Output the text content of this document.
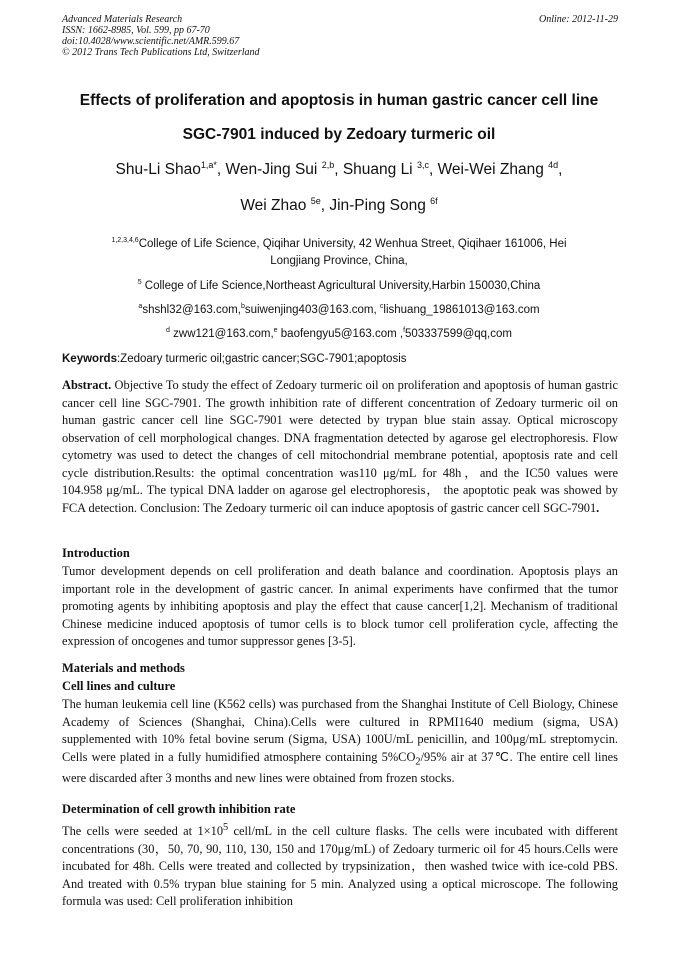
Advanced Materials Research
ISSN: 1662-8985, Vol. 599, pp 67-70
doi:10.4028/www.scientific.net/AMR.599.67
© 2012 Trans Tech Publications Ltd, Switzerland
Online: 2012-11-29
Effects of proliferation and apoptosis in human gastric cancer cell line
SGC-7901 induced by Zedoary turmeric oil
Shu-Li Shao$^{1,a*}$, Wen-Jing Sui $^{2,b}$, Shuang Li $^{3,c}$, Wei-Wei Zhang $^{4d}$,
Wei Zhao $^{5e}$, Jin-Ping Song $^{6f}$
$^{1,2,3,4,6}$College of Life Science, Qiqihar University, 42 Wenhua Street, Qiqihaer 161006, Hei
Longjiang Province, China,
$^5$ College of Life Science,Northeast Agricultural University,Harbin 150030,China
$^a$shshl32@163.com,$^b$suiwenjing403@163.com, $^c$lishuang_19861013@163.com
$^d$ zww121@163.com,$^e$ baofengyu5@163.com ,$^f$503337599@qq,com
Keywords:Zedoary turmeric oil;gastric cancer;SGC-7901;apoptosis
Abstract. Objective To study the effect of Zedoary turmeric oil on proliferation and apoptosis of human gastric cancer cell line SGC-7901. The growth inhibition rate of different concentration of Zedoary turmeric oil on human gastric cancer cell line SGC-7901 were detected by trypan blue stain assay. Optical microscopy observation of cell morphological changes. DNA fragmentation detected by agarose gel electrophoresis. Flow cytometry was used to detect the changes of cell mitochondrial membrane potential, apoptosis rate and cell cycle distribution.Results: the optimal concentration was110 μg/mL for 48h，and the IC50 values were 104.958 μg/mL. The typical DNA ladder on agarose gel electrophoresis， the apoptotic peak was showed by FCA detection. Conclusion: The Zedoary turmeric oil can induce apoptosis of gastric cancer cell SGC-7901.
Introduction
Tumor development depends on cell proliferation and death balance and coordination. Apoptosis plays an important role in the development of gastric cancer. In animal experiments have confirmed that the tumor promoting agents by inhibiting apoptosis and play the effect that cause cancer[1,2]. Mechanism of traditional Chinese medicine induced apoptosis of tumor cells is to block tumor cell proliferation cycle, affecting the expression of oncogenes and tumor suppressor genes [3-5].
Materials and methods
Cell lines and culture
The human leukemia cell line (K562 cells) was purchased from the Shanghai Institute of Cell Biology, Chinese Academy of Sciences (Shanghai, China).Cells were cultured in RPMI1640 medium (sigma, USA) supplemented with 10% fetal bovine serum (Sigma, USA) 100U/mL penicillin, and 100μg/mL streptomycin. Cells were plated in a fully humidified atmosphere containing $5\%CO_2/95\%$ air at 37℃. The entire cell lines were discarded after 3 months and new lines were obtained from frozen stocks.
Determination of cell growth inhibition rate
The cells were seeded at $1\times 10^5$ cell/mL in the cell culture flasks. The cells were incubated with different concentrations (30，50, 70, 90, 110, 130, 150 and 170μg/mL) of Zedoary turmeric oil for 45 hours.Cells were incubated for 48h. Cells were treated and collected by trypsinization，then washed twice with ice-cold PBS. And treated with 0.5% trypan blue staining for 5 min. Analyzed using a optical microscope. The following formula was used: Cell proliferation inhibition
